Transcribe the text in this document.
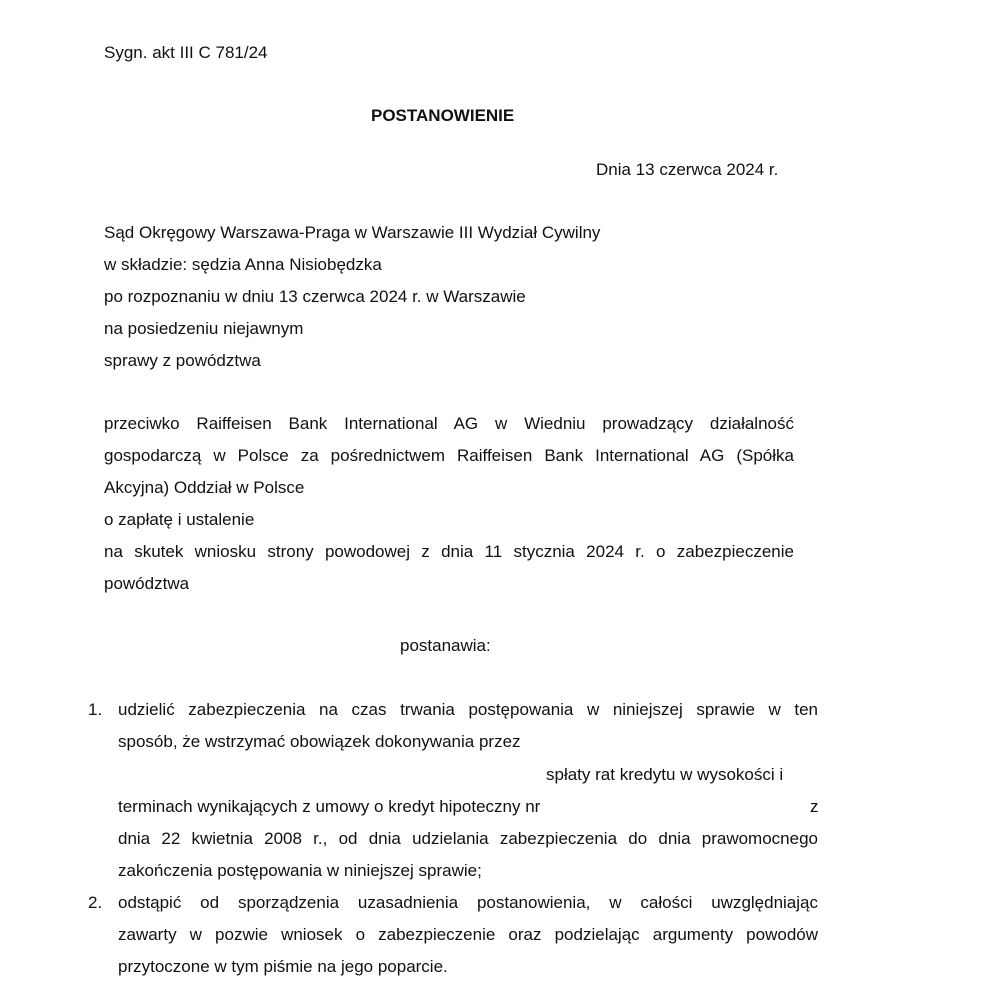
Sygn. akt III C 781/24
POSTANOWIENIE
Dnia 13 czerwca 2024 r.
Sąd Okręgowy Warszawa-Praga w Warszawie III Wydział Cywilny
w składzie: sędzia Anna Nisiobędzka
po rozpoznaniu w dniu 13 czerwca 2024 r. w Warszawie
na posiedzeniu niejawnym
sprawy z powództwa
przeciwko Raiffeisen Bank International AG w Wiedniu prowadzący działalność
gospodarczą w Polsce za pośrednictwem Raiffeisen Bank International AG (Spółka
Akcyjna) Oddział w Polsce
o zapłatę i ustalenie
na skutek wniosku strony powodowej z dnia 11 stycznia 2024 r. o zabezpieczenie
powództwa
postanawia:
1. udzielić zabezpieczenia na czas trwania postępowania w niniejszej sprawie w ten
sposób, że wstrzymać obowiązek dokonywania przez
spłaty rat kredytu w wysokości i
terminach wynikających z umowy o kredyt hipoteczny nr	z
dnia 22 kwietnia 2008 r., od dnia udzielania zabezpieczenia do dnia prawomocnego
zakończenia postępowania w niniejszej sprawie;
2. odstąpić od sporządzenia uzasadnienia postanowienia, w całości uwzględniając
zawarty w pozwie wniosek o zabezpieczenie oraz podzielając argumenty powodów
przytoczone w tym piśmie na jego poparcie.
